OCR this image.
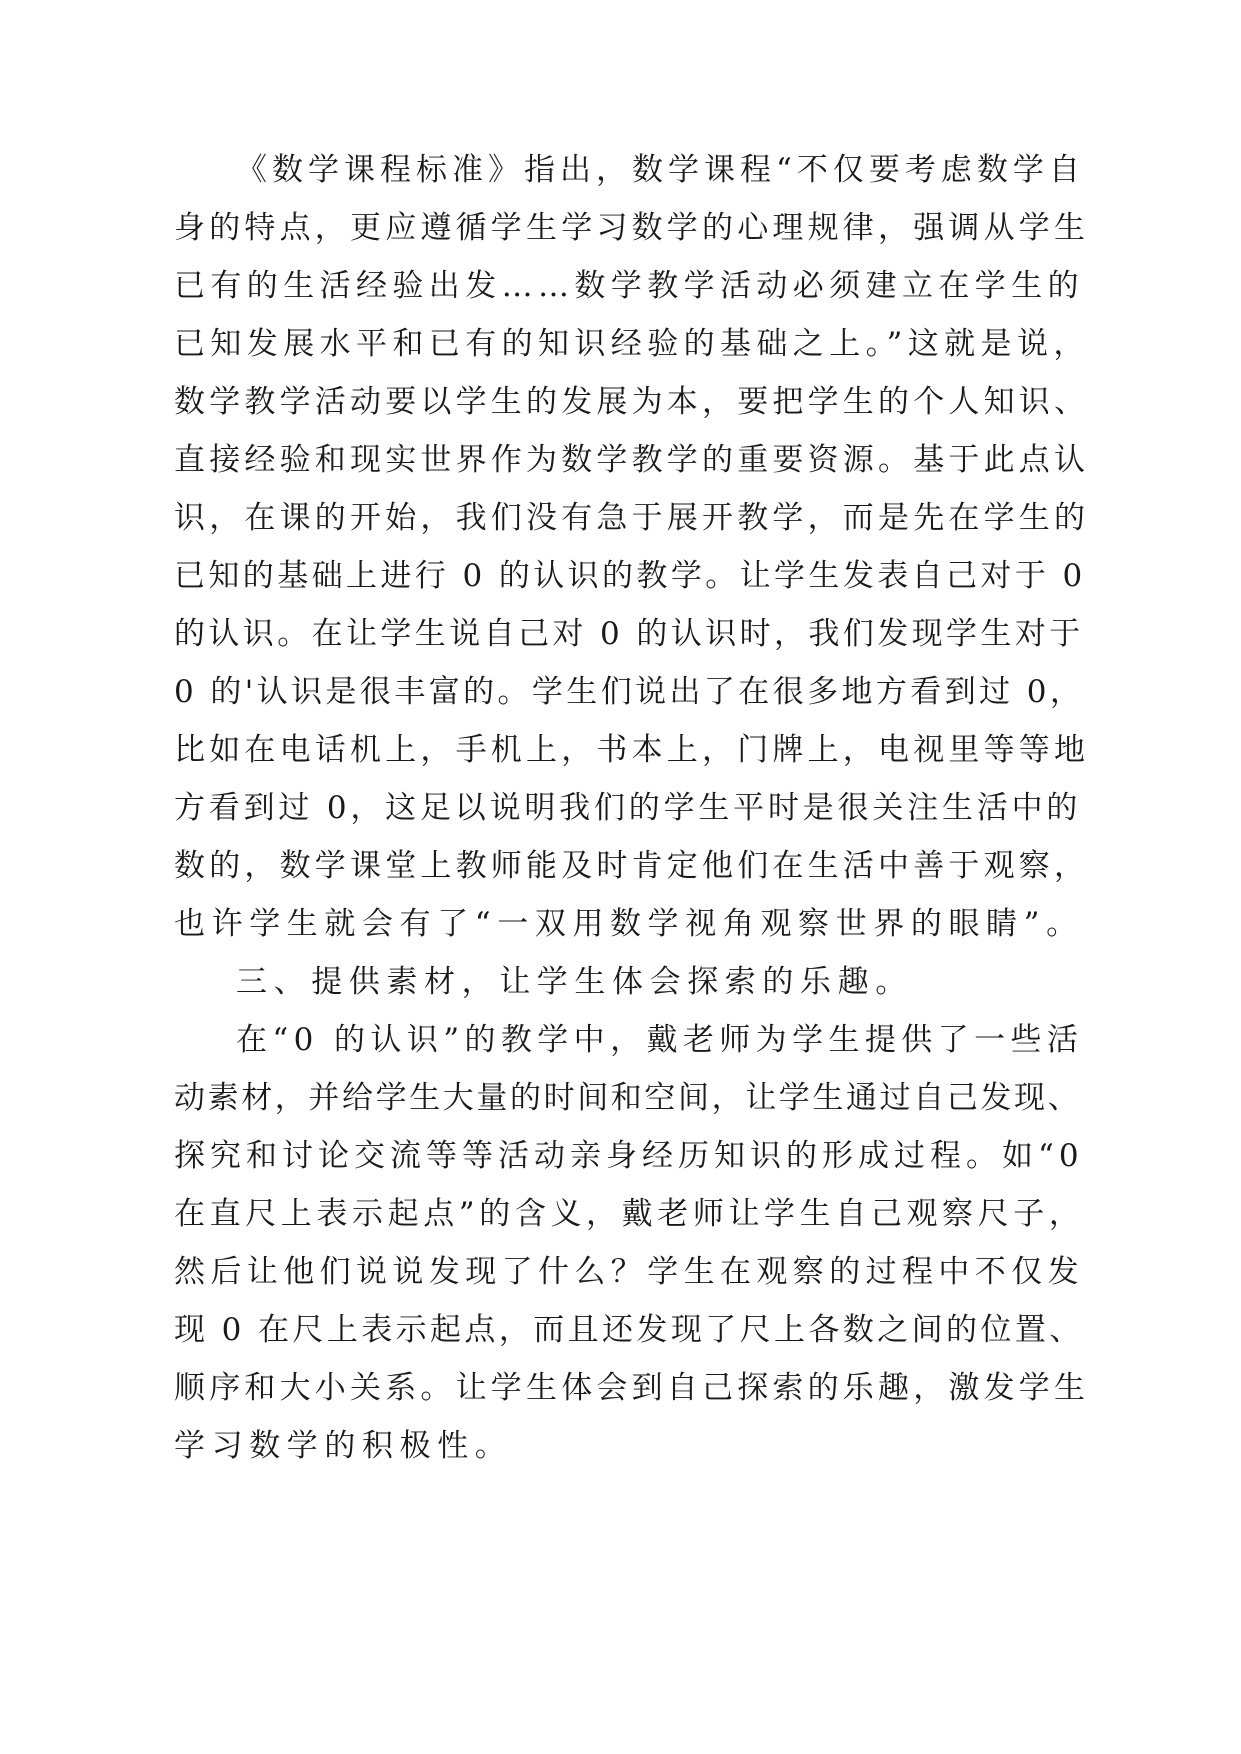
《数学课程标准》指出，数学课程“不仅要考虑数学自
身的特点，更应遵循学生学习数学的心理规律，强调从学生
已有的生活经验出发……数学教学活动必须建立在学生的
已知发展水平和已有的知识经验的基础之上。”这就是说，
数学教学活动要以学生的发展为本，要把学生的个人知识、
直接经验和现实世界作为数学教学的重要资源。基于此点认
识，在课的开始，我们没有急于展开教学，而是先在学生的
已知的基础上进行 0 的认识的教学。让学生发表自己对于 0
的认识。在让学生说自己对 0 的认识时，我们发现学生对于
0 的'认识是很丰富的。学生们说出了在很多地方看到过 0，
比如在电话机上，手机上，书本上，门牌上，电视里等等地
方看到过 0，这足以说明我们的学生平时是很关注生活中的
数的，数学课堂上教师能及时肯定他们在生活中善于观察，
也许学生就会有了“一双用数学视角观察世界的眼睛”。
三、提供素材，让学生体会探索的乐趣。
在“0 的认识”的教学中，戴老师为学生提供了一些活
动素材，并给学生大量的时间和空间，让学生通过自己发现、
探究和讨论交流等等活动亲身经历知识的形成过程。如“0
在直尺上表示起点”的含义，戴老师让学生自己观察尺子，
然后让他们说说发现了什么？学生在观察的过程中不仅发
现 0 在尺上表示起点，而且还发现了尺上各数之间的位置、
顺序和大小关系。让学生体会到自己探索的乐趣，激发学生
学习数学的积极性。
